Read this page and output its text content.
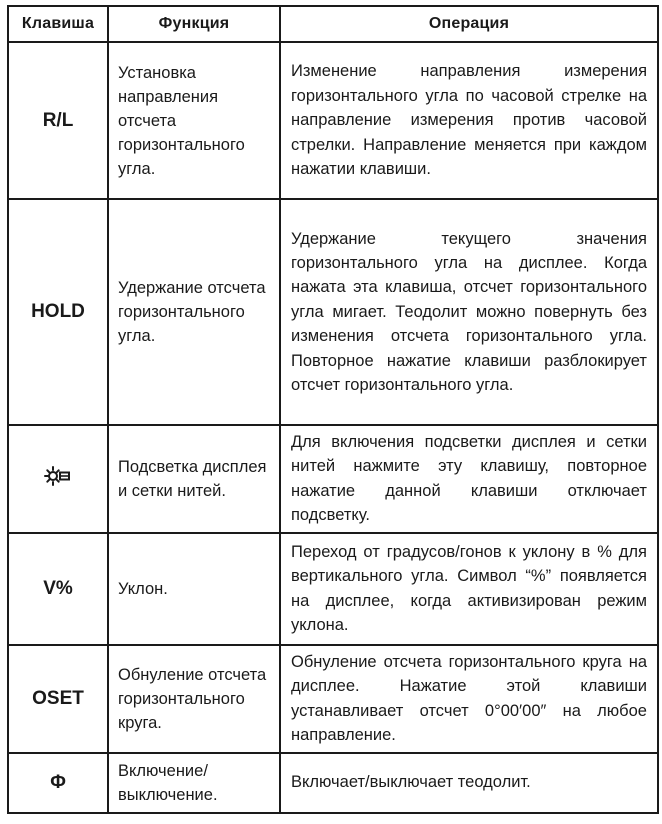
Клавиша	Функция	Операция
R/L	Установка направления отсчета горизонтального угла.	Изменение направления измерения горизонтального угла по часовой стрелке на направление измерения против часовой стрелки. Направление меняется при каждом нажатии клавиши.
HOLD	Удержание отсчета горизонтального угла.	Удержание текущего значения горизонтального угла на дисплее. Когда нажата эта клавиша, отсчет горизонтального угла мигает. Теодолит можно повернуть без изменения отсчета горизонтального угла. Повторное нажатие клавиши разблокирует отсчет горизонтального угла.

	Подсветка дисплея и сетки нитей.	Для включения подсветки дисплея и сетки нитей нажмите эту клавишу, повторное нажатие данной клавиши отключает подсветку.
V%	Уклон.	Переход от градусов/гонов к уклону в % для вертикального угла. Символ “%” появляется на дисплее, когда активизирован режим уклона.
OSET	Обнуление отсчета горизонтального круга.	Обнуление отсчета горизонтального круга на дисплее. Нажатие этой клавиши устанавливает отсчет 0°00′00″ на любое направление.
Φ	Включение/ выключение.	Включает/выключает теодолит.
